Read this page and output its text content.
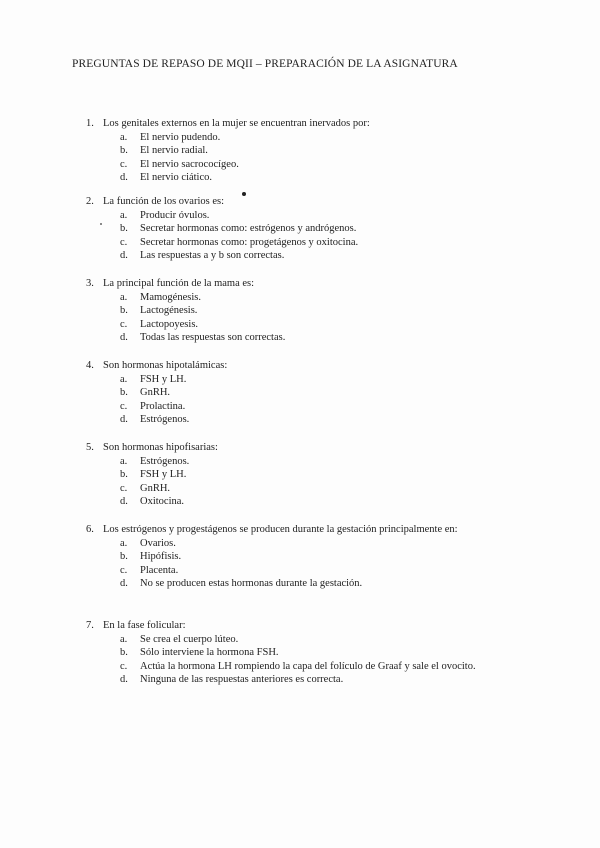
PREGUNTAS DE REPASO DE MQII – PREPARACIÓN DE LA ASIGNATURA
1. Los genitales externos en la mujer se encuentran inervados por:
a.	El nervio pudendo.
b.	El nervio radial.
c.	El nervio sacrococígeo.
d.	El nervio ciático.
2. La función de los ovarios es:
a.	Producir óvulos.
b.	Secretar hormonas como: estrógenos y andrógenos.
c.	Secretar hormonas como: progetágenos y oxitocina.
d.	Las respuestas a y b son correctas.
3. La principal función de la mama es:
a.	Mamogénesis.
b.	Lactogénesis.
c.	Lactopoyesis.
d.	Todas las respuestas son correctas.
4. Son hormonas hipotalámicas:
a.	FSH y LH.
b.	GnRH.
c.	Prolactina.
d.	Estrógenos.
5. Son hormonas hipofisarias:
a.	Estrógenos.
b.	FSH y LH.
c.	GnRH.
d.	Oxitocina.
6. Los estrógenos y progestágenos se producen durante la gestación principalmente en:
a.	Ovarios.
b.	Hipófisis.
c.	Placenta.
d.	No se producen estas hormonas durante la gestación.
7. En la fase folicular:
a.	Se crea el cuerpo lúteo.
b.	Sólo interviene la hormona FSH.
c.	Actúa la hormona LH rompiendo la capa del folículo de Graaf y sale el ovocito.
d.	Ninguna de las respuestas anteriores es correcta.
